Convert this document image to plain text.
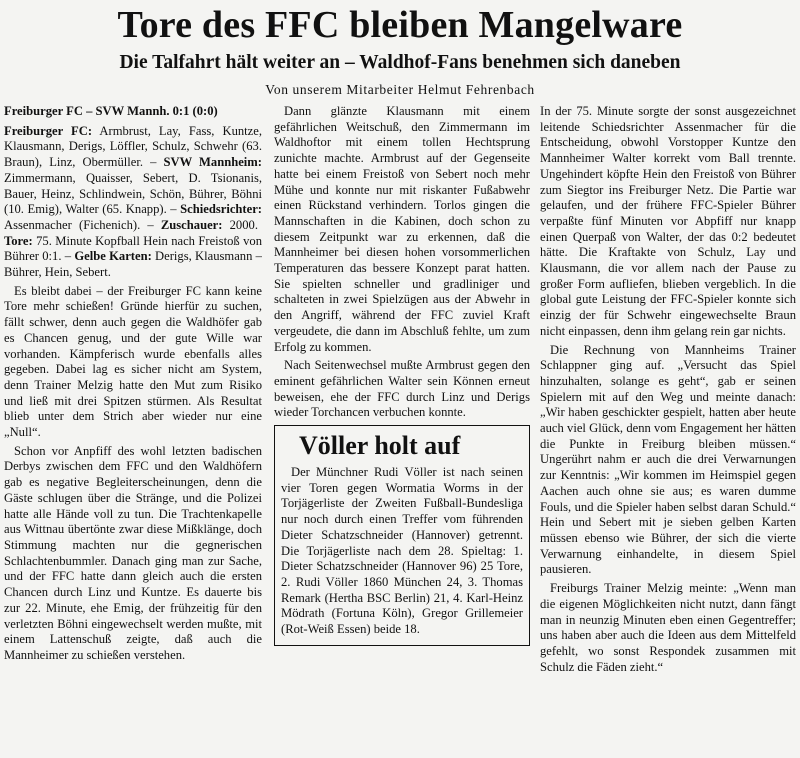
Tore des FFC bleiben Mangelware
Die Talfahrt hält weiter an – Waldhof-Fans benehmen sich daneben
Von unserem Mitarbeiter Helmut Fehrenbach

Freiburger FC – SVW Mannh. 0:1 (0:0)

Freiburger FC: Armbrust, Lay, Fass, Kuntze, Klausmann, Derigs, Löffler, Schulz, Schwehr (63. Braun), Linz, Obermüller. – SVW Mannheim: Zimmermann, Quaisser, Sebert, D. Tsionanis, Bauer, Heinz, Schlindwein, Schön, Bührer, Böhni (10. Emig), Walter (65. Knapp). – Schiedsrichter: Assenmacher (Fichenich). – Zuschauer: 2000. Tore: 75. Minute Kopfball Hein nach Freistoß von Bührer 0:1. – Gelbe Karten: Derigs, Klausmann – Bührer, Hein, Sebert.

Es bleibt dabei – der Freiburger FC kann keine Tore mehr schießen! Gründe hierfür zu suchen, fällt schwer, denn auch gegen die Waldhöfer gab es Chancen genug, und der gute Wille war vorhanden. Kämpferisch wurde ebenfalls alles gegeben. Dabei lag es sicher nicht am System, denn Trainer Melzig hatte den Mut zum Risiko und ließ mit drei Spitzen stürmen. Als Resultat blieb unter dem Strich aber wieder nur eine „Null“.

Schon vor Anpfiff des wohl letzten badischen Derbys zwischen dem FFC und den Waldhöfern gab es negative Begleiterscheinungen, denn die Gäste schlugen über die Stränge, und die Polizei hatte alle Hände voll zu tun. Die Trachtenkapelle aus Wittnau übertönte zwar diese Mißklänge, doch Stimmung machten nur die gegnerischen Schlachtenbummler. Danach ging man zur Sache, und der FFC hatte dann gleich auch die ersten Chancen durch Linz und Kuntze. Es dauerte bis zur 22. Minute, ehe Emig, der frühzeitig für den verletzten Böhni eingewechselt werden mußte, mit einem Lattenschuß zeigte, daß auch die Mannheimer zu schießen verstehen.

Dann glänzte Klausmann mit einem gefährlichen Weitschuß, den Zimmermann im Waldhoftor mit einem tollen Hechtsprung zunichte machte. Armbrust auf der Gegenseite hatte bei einem Freistoß von Sebert noch mehr Mühe und konnte nur mit riskanter Fußabwehr einen Rückstand verhindern. Torlos gingen die Mannschaften in die Kabinen, doch schon zu diesem Zeitpunkt war zu erkennen, daß die Mannheimer bei diesen hohen vorsommerlichen Temperaturen das bessere Konzept parat hatten. Sie spielten schneller und gradliniger und schalteten in zwei Spielzügen aus der Abwehr in den Angriff, während der FFC zuviel Kraft vergeudete, die dann im Abschluß fehlte, um zum Erfolg zu kommen.

Nach Seitenwechsel mußte Armbrust gegen den eminent gefährlichen Walter sein Können erneut beweisen, ehe der FFC durch Linz und Derigs wieder Torchancen verbuchen konnte.

Völler holt auf

Der Münchner Rudi Völler ist nach seinen vier Toren gegen Wormatia Worms in der Torjägerliste der Zweiten Fußball-Bundesliga nur noch durch einen Treffer vom führenden Dieter Schatzschneider (Hannover) getrennt. Die Torjägerliste nach dem 28. Spieltag: 1. Dieter Schatzschneider (Hannover 96) 25 Tore, 2. Rudi Völler 1860 München 24, 3. Thomas Remark (Hertha BSC Berlin) 21, 4. Karl-Heinz Mödrath (Fortuna Köln), Gregor Grillemeier (Rot-Weiß Essen) beide 18.

In der 75. Minute sorgte der sonst ausgezeichnet leitende Schiedsrichter Assenmacher für die Entscheidung, obwohl Vorstopper Kuntze den Mannheimer Walter korrekt vom Ball trennte. Ungehindert köpfte Hein den Freistoß von Bührer zum Siegtor ins Freiburger Netz. Die Partie war gelaufen, und der frühere FFC-Spieler Bührer verpaßte fünf Minuten vor Abpfiff nur knapp einen Querpaß von Walter, der das 0:2 bedeutet hätte. Die Kraftakte von Schulz, Lay und Klausmann, die vor allem nach der Pause zu großer Form aufliefen, blieben vergeblich. In die global gute Leistung der FFC-Spieler konnte sich einzig der für Schwehr eingewechselte Braun nicht einpassen, denn ihm gelang rein gar nichts.

Die Rechnung von Mannheims Trainer Schlappner ging auf. „Versucht das Spiel hinzuhalten, solange es geht“, gab er seinen Spielern mit auf den Weg und meinte danach: „Wir haben geschickter gespielt, hatten aber heute auch viel Glück, denn vom Engagement her hätten die Punkte in Freiburg bleiben müssen.“ Ungerührt nahm er auch die drei Verwarnungen zur Kenntnis: „Wir kommen im Heimspiel gegen Aachen auch ohne sie aus; es waren dumme Fouls, und die Spieler haben selbst daran Schuld.“ Hein und Sebert mit je sieben gelben Karten müssen ebenso wie Bührer, der sich die vierte Verwarnung einhandelte, in diesem Spiel pausieren.

Freiburgs Trainer Melzig meinte: „Wenn man die eigenen Möglichkeiten nicht nutzt, dann fängt man in neunzig Minuten eben einen Gegentreffer; uns haben aber auch die Ideen aus dem Mittelfeld gefehlt, wo sonst Respondek zusammen mit Schulz die Fäden zieht.“
